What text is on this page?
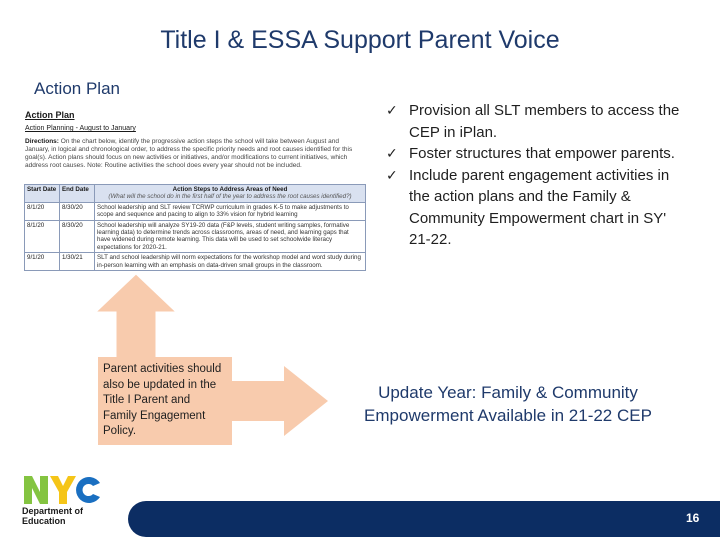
Title I & ESSA Support Parent Voice
Action Plan
Action Plan
Action Planning - August to January
Directions: On the chart below, identify the progressive action steps the school will take between August and January, in logical and chronological order, to address the specific priority needs and root causes identified for this goal(s). Action plans should focus on new activities or initiatives, and/or modifications to current initiatives, which address root causes. Note: Routine activities the school does every year should not be included.
Start Date	End Date	Action Steps to Address Areas of Need
(What will the school do in the first half of the year to address the root causes identified?)
8/1/20	8/30/20	School leadership and SLT review TCRWP curriculum in grades K-5 to make adjustments to scope and sequence and pacing to align to 33% vision for hybrid learning
8/1/20	8/30/20	School leadership will analyze SY19-20 data (F&P levels, student writing samples, formative learning data) to determine trends across classrooms, areas of need, and learning gaps that have widened during remote learning. This data will be used to set schoolwide literacy expectations for 2020-21.
9/1/20	1/30/21	SLT and school leadership will norm expectations for the workshop model and word study during in-person learning with an emphasis on data-driven small groups in the classroom.
✓ Provision all SLT members to access the CEP in iPlan.
✓ Foster structures that empower parents.
✓ Include parent engagement activities in the action plans and the Family & Community Empowerment chart in SY' 21-22.
Parent activities should also be updated in the Title I Parent and Family Engagement Policy.
Update Year: Family & Community
Empowerment Available in 21-22 CEP
Department of
Education	16
